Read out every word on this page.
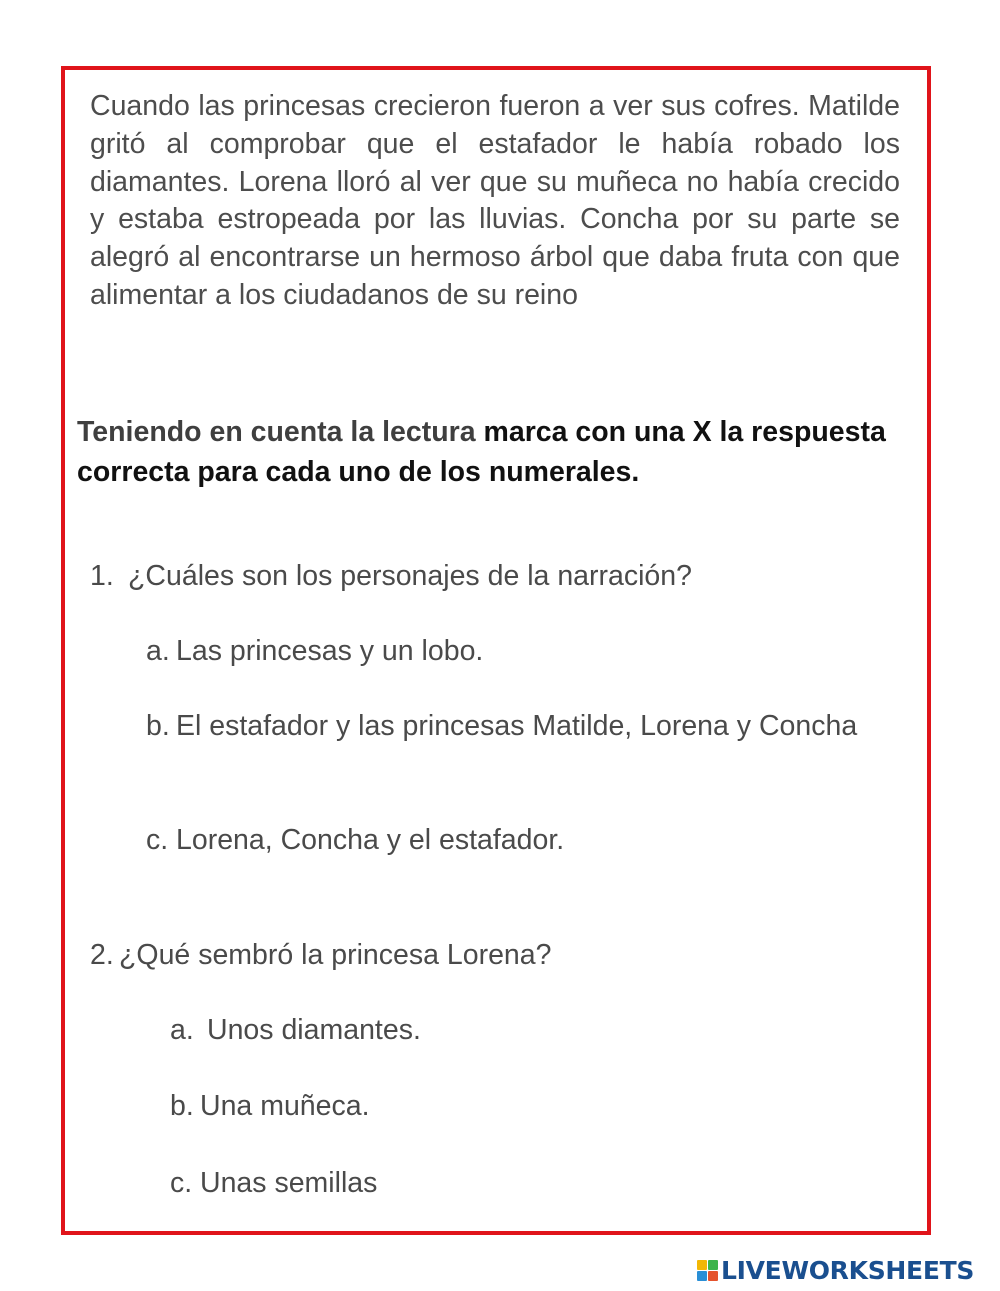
Cuando las princesas crecieron fueron a ver sus cofres. Matilde gritó al comprobar que el estafador le había robado los diamantes. Lorena lloró al ver que su muñeca no había crecido y estaba estropeada por las lluvias. Concha por su parte se alegró al encontrarse un hermoso árbol que daba fruta con que alimentar a los ciudadanos de su reino
Teniendo en cuenta la lectura marca con una X la respuesta correcta para cada uno de los numerales.
1. ¿Cuáles son los personajes de la narración?
a. Las princesas y un lobo.
b. El estafador y las princesas Matilde, Lorena y Concha
c. Lorena, Concha y el estafador.
2. ¿Qué sembró la princesa Lorena?
a. Unos diamantes.
b. Una muñeca.
c. Unas semillas
LIVEWORKSHEETS
